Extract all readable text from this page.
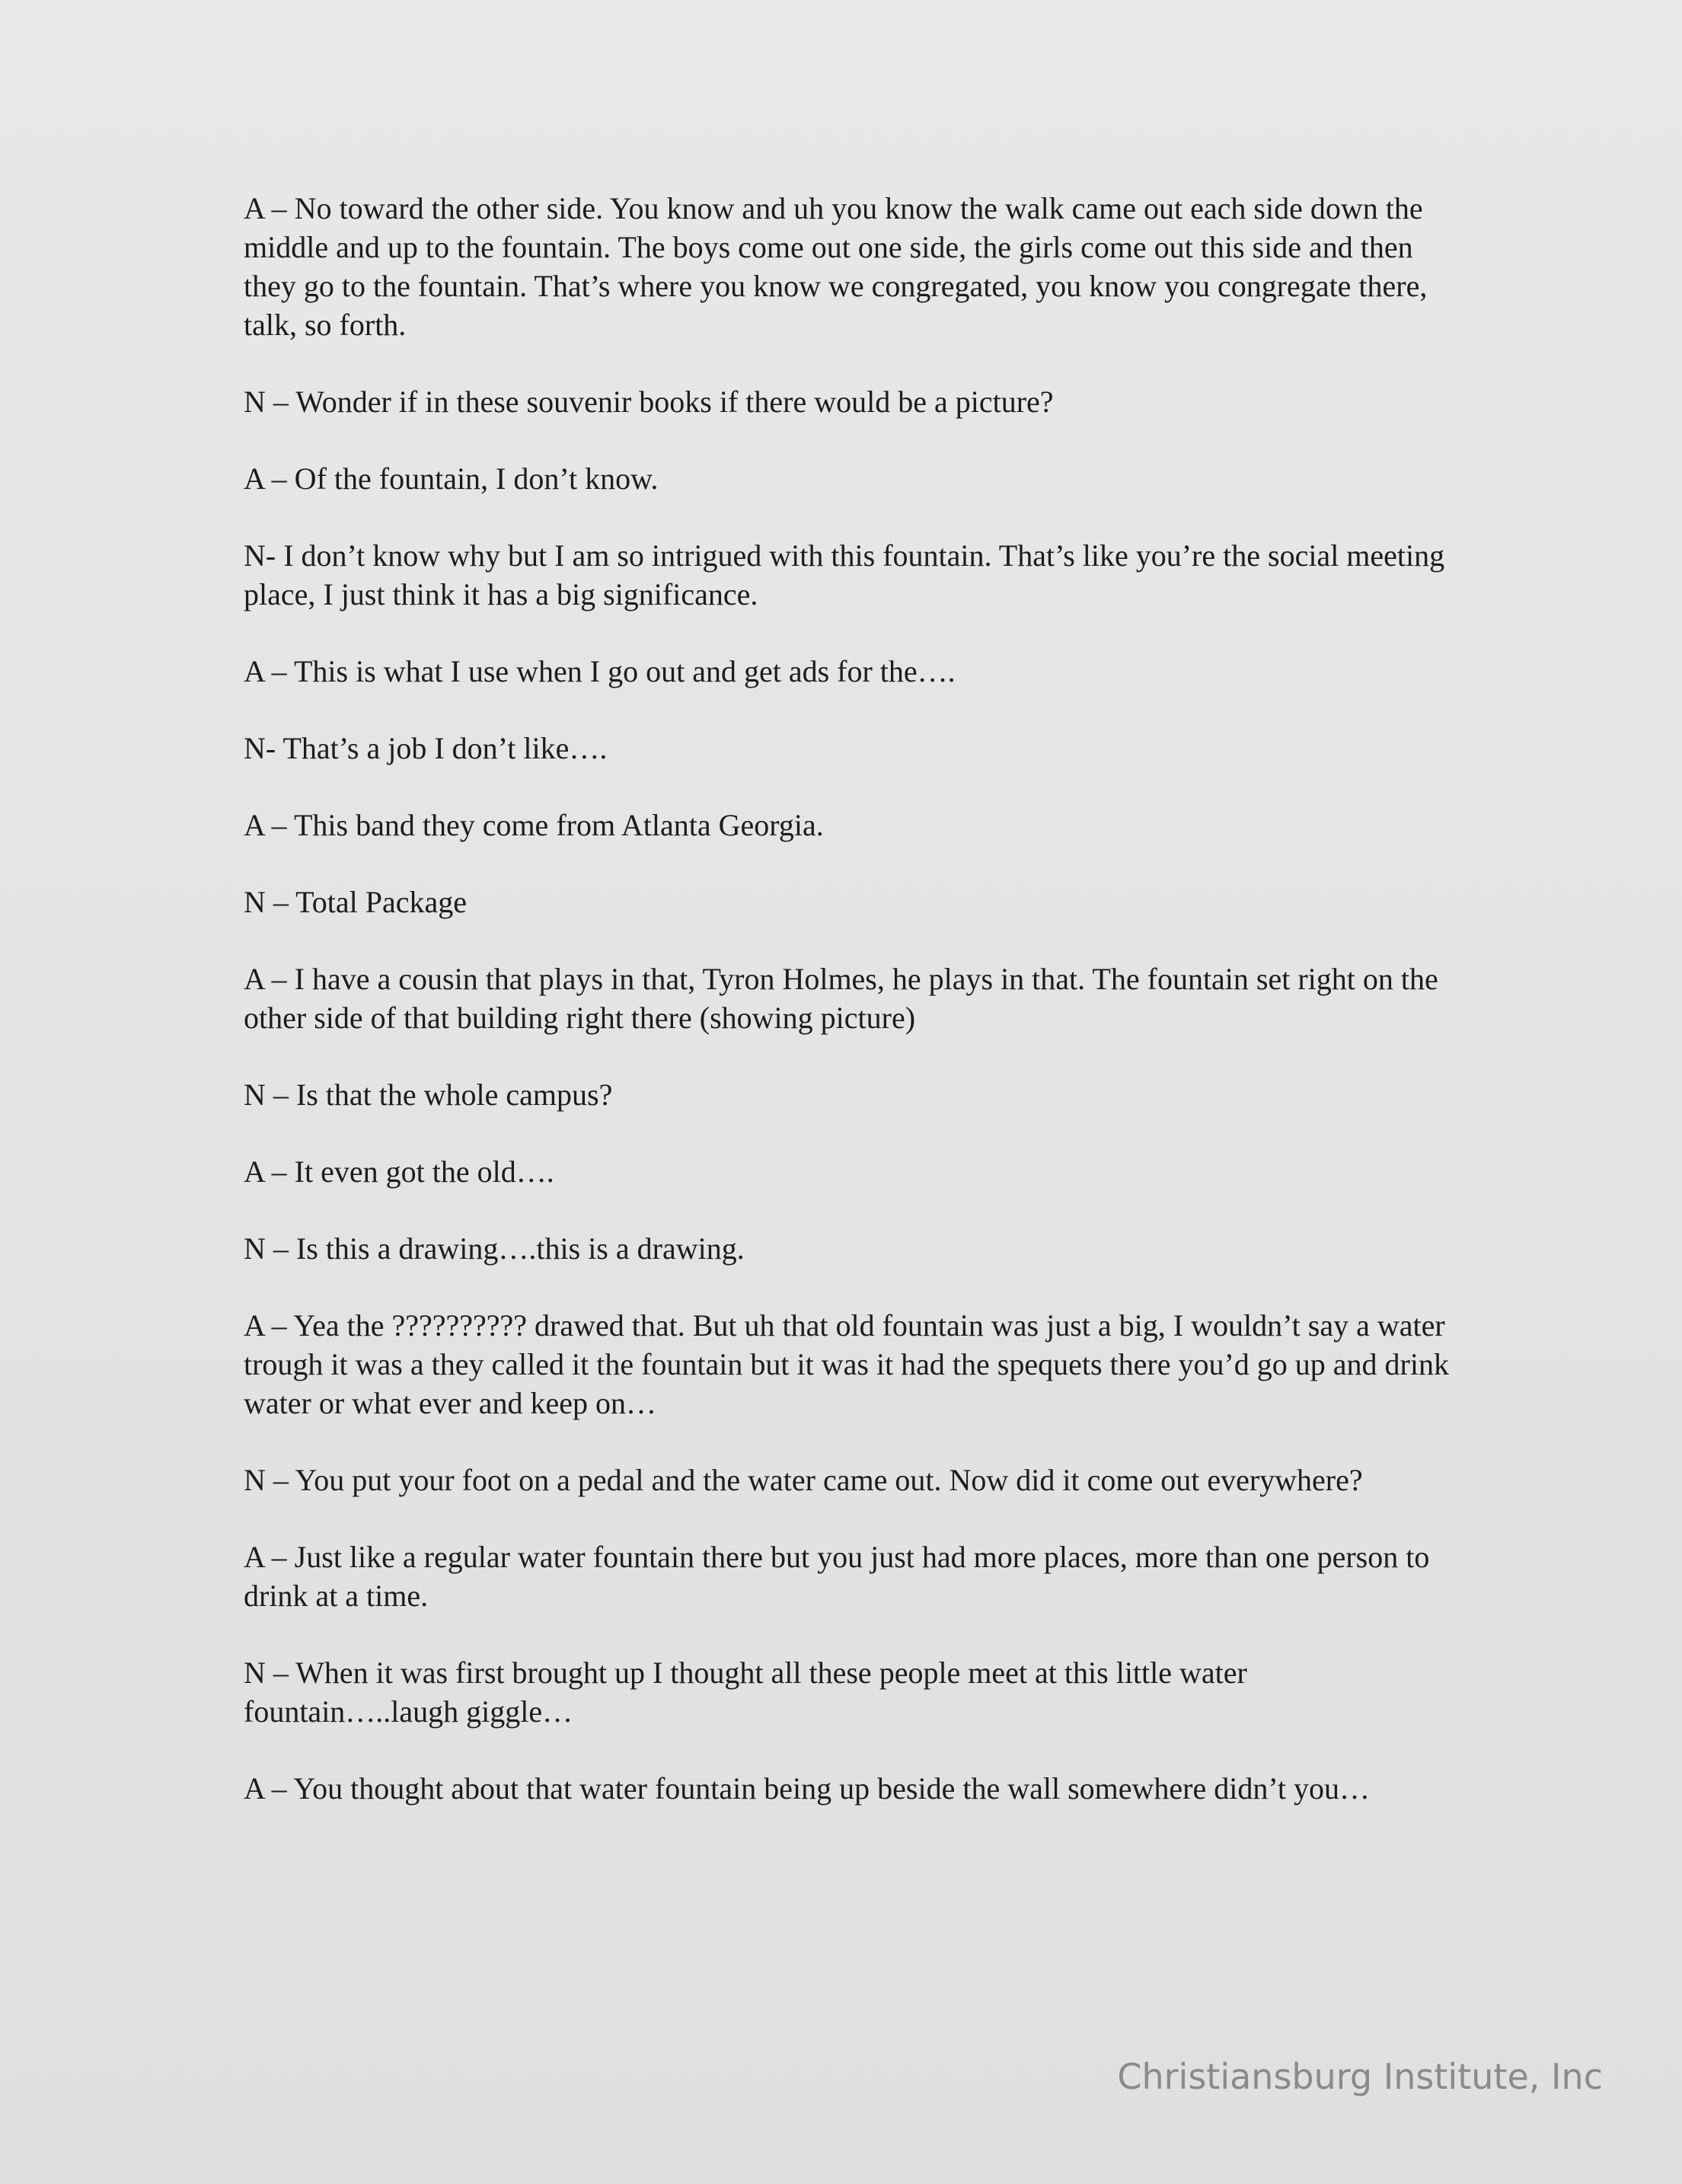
A – No toward the other side. You know and uh you know the walk came out each side down the middle and up to the fountain. The boys come out one side, the girls come out this side and then they go to the fountain. That’s where you know we congregated, you know you congregate there, talk, so forth.

N – Wonder if in these souvenir books if there would be a picture?

A – Of the fountain, I don’t know.

N- I don’t know why but I am so intrigued with this fountain. That’s like you’re the social meeting place, I just think it has a big significance.

A – This is what I use when I go out and get ads for the….

N- That’s a job I don’t like….

A – This band they come from Atlanta Georgia.

N – Total Package

A – I have a cousin that plays in that, Tyron Holmes, he plays in that. The fountain set right on the other side of that building right there (showing picture)

N – Is that the whole campus?

A – It even got the old….

N – Is this a drawing….this is a drawing.

A – Yea the ?????????? drawed that. But uh that old fountain was just a big, I wouldn’t say a water trough it was a they called it the fountain but it was it had the spequets there you’d go up and drink water or what ever and keep on…

N – You put your foot on a pedal and the water came out. Now did it come out everywhere?

A – Just like a regular water fountain there but you just had more places, more than one person to drink at a time.

N – When it was first brought up I thought all these people meet at this little water fountain…..laugh giggle…

A – You thought about that water fountain being up beside the wall somewhere didn’t you…

Christiansburg Institute, Inc
